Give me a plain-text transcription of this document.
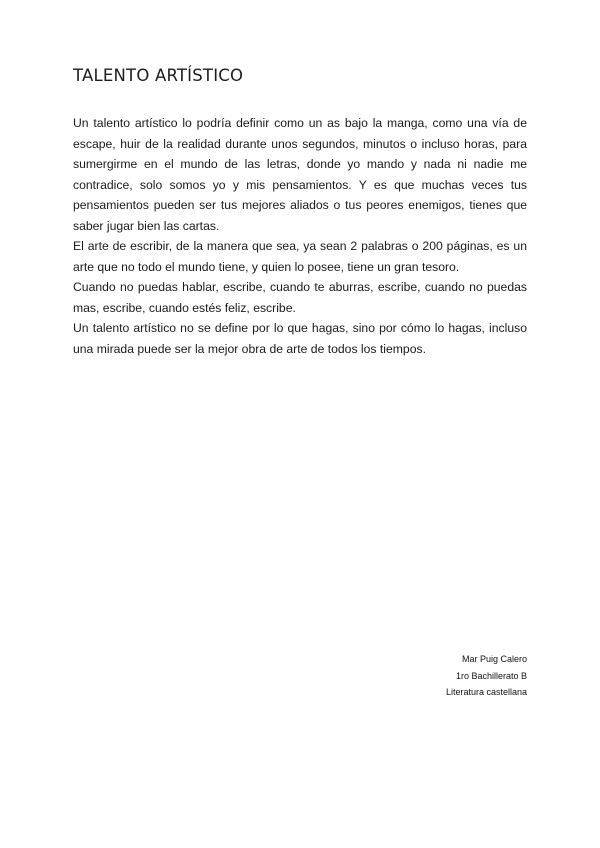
TALENTO ARTÍSTICO

Un talento artístico lo podría definir como un as bajo la manga, como una vía de escape, huir de la realidad durante unos segundos, minutos o incluso horas, para sumergirme en el mundo de las letras, donde yo mando y nada ni nadie me contradice, solo somos yo y mis pensamientos. Y es que muchas veces tus pensamientos pueden ser tus mejores aliados o tus peores enemigos, tienes que saber jugar bien las cartas.

El arte de escribir, de la manera que sea, ya sean 2 palabras o 200 páginas, es un arte que no todo el mundo tiene, y quien lo posee, tiene un gran tesoro.

Cuando no puedas hablar, escribe, cuando te aburras, escribe, cuando no puedas mas, escribe, cuando estés feliz, escribe.

Un talento artístico no se define por lo que hagas, sino por cómo lo hagas, incluso una mirada puede ser la mejor obra de arte de todos los tiempos.

Mar Puig Calero
1ro Bachillerato B
Literatura castellana
